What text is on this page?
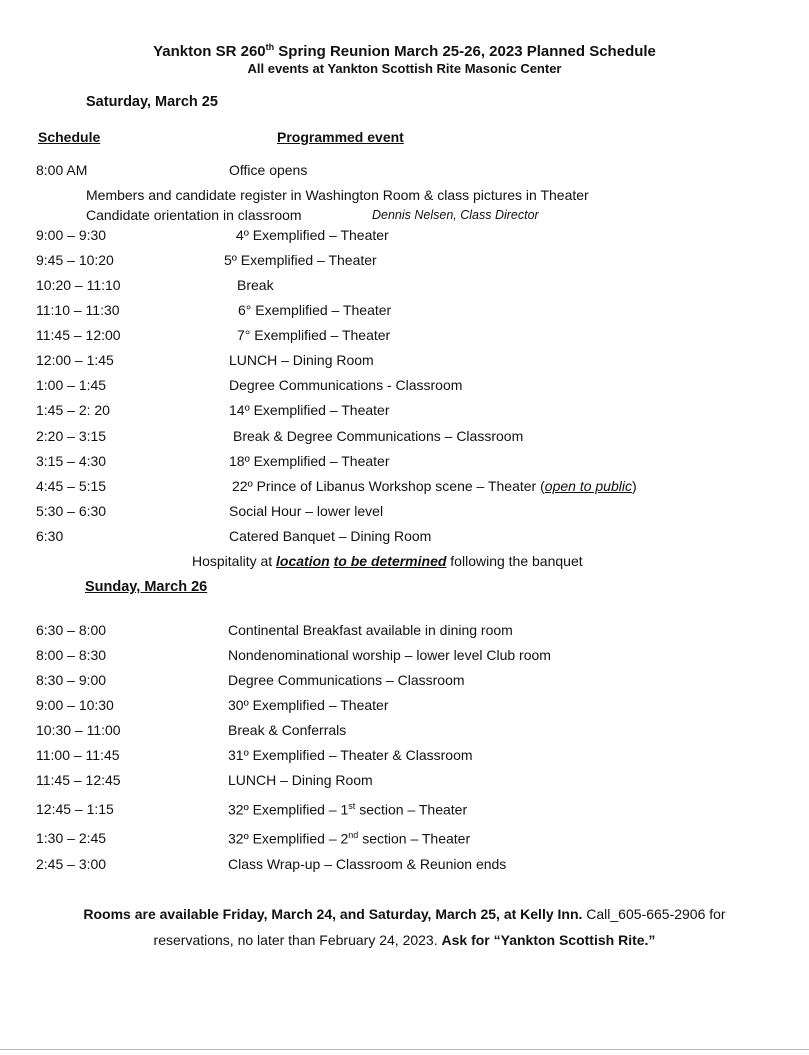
Yankton SR 260th Spring Reunion March 25-26, 2023 Planned Schedule
All events at Yankton Scottish Rite Masonic Center
Saturday, March 25
Schedule	Programmed event
8:00 AM	Office opens
Members and candidate register in Washington Room & class pictures in Theater
Candidate orientation in classroom	Dennis Nelsen, Class Director
9:00 – 9:30	4º Exemplified – Theater
9:45 – 10:20	5º Exemplified – Theater
10:20 – 11:10	Break
11:10 – 11:30	6° Exemplified – Theater
11:45 – 12:00	7° Exemplified – Theater
12:00 – 1:45	LUNCH – Dining Room
1:00 – 1:45	Degree Communications - Classroom
1:45 – 2: 20	14º Exemplified – Theater
2:20 – 3:15	Break & Degree Communications – Classroom
3:15 – 4:30	18º Exemplified – Theater
4:45 – 5:15	22º Prince of Libanus Workshop scene – Theater (open to public)
5:30 – 6:30	Social Hour – lower level
6:30	Catered Banquet – Dining Room
Hospitality at location to be determined following the banquet
Sunday, March 26
6:30 – 8:00	Continental Breakfast available in dining room
8:00 – 8:30	Nondenominational worship – lower level Club room
8:30 – 9:00	Degree Communications – Classroom
9:00 – 10:30	30º Exemplified – Theater
10:30 – 11:00	Break & Conferrals
11:00 – 11:45	31º Exemplified – Theater & Classroom
11:45 – 12:45	LUNCH – Dining Room
12:45 – 1:15	32º Exemplified – 1st section – Theater
1:30 – 2:45	32º Exemplified – 2nd section – Theater
2:45 – 3:00	Class Wrap-up – Classroom & Reunion ends
Rooms are available Friday, March 24, and Saturday, March 25, at Kelly Inn. Call_605-665-2906 for
reservations, no later than February 24, 2023. Ask for “Yankton Scottish Rite.”
